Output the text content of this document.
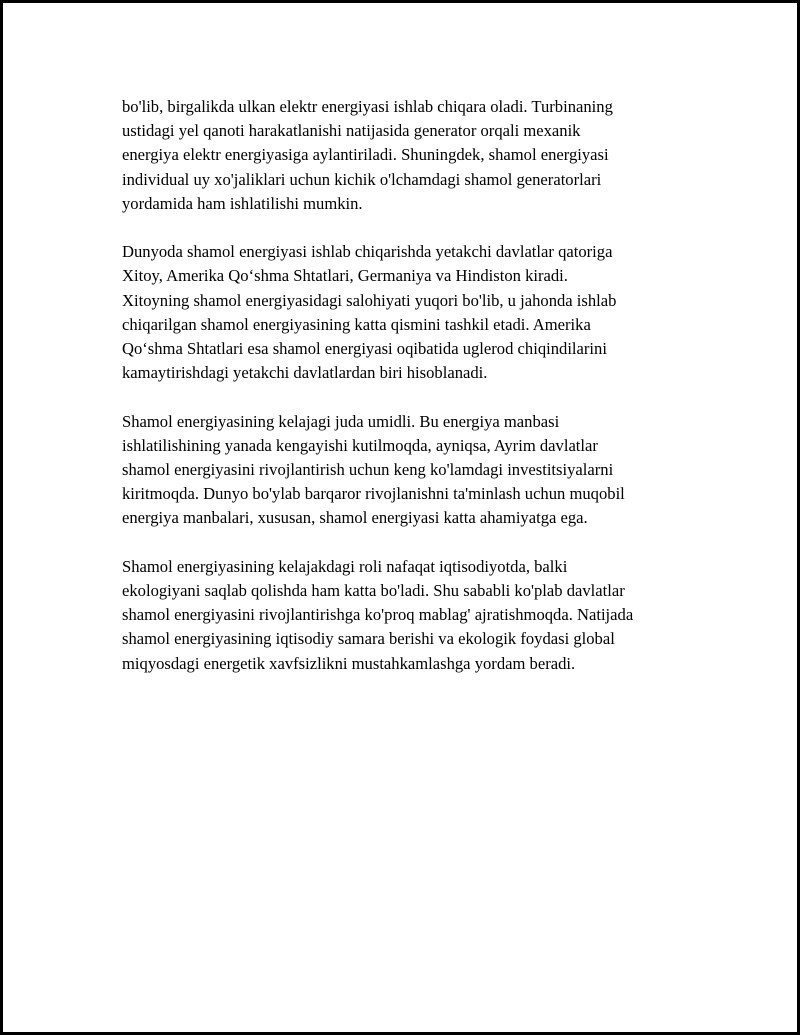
bo'lib, birgalikda ulkan elektr energiyasi ishlab chiqara oladi. Turbinaning
ustidagi yel qanoti harakatlanishi natijasida generator orqali mexanik
energiya elektr energiyasiga aylantiriladi. Shuningdek, shamol energiyasi
individual uy xo'jaliklari uchun kichik o'lchamdagi shamol generatorlari
yordamida ham ishlatilishi mumkin.
Dunyoda shamol energiyasi ishlab chiqarishda yetakchi davlatlar qatoriga
Xitoy, Amerika Qo‘shma Shtatlari, Germaniya va Hindiston kiradi.
Xitoyning shamol energiyasidagi salohiyati yuqori bo'lib, u jahonda ishlab
chiqarilgan shamol energiyasining katta qismini tashkil etadi. Amerika
Qo‘shma Shtatlari esa shamol energiyasi oqibatida uglerod chiqindilarini
kamaytirishdagi yetakchi davlatlardan biri hisoblanadi.
Shamol energiyasining kelajagi juda umidli. Bu energiya manbasi
ishlatilishining yanada kengayishi kutilmoqda, ayniqsa, Ayrim davlatlar
shamol energiyasini rivojlantirish uchun keng ko'lamdagi investitsiyalarni
kiritmoqda. Dunyo bo'ylab barqaror rivojlanishni ta'minlash uchun muqobil
energiya manbalari, xususan, shamol energiyasi katta ahamiyatga ega.
Shamol energiyasining kelajakdagi roli nafaqat iqtisodiyotda, balki
ekologiyani saqlab qolishda ham katta bo'ladi. Shu sababli ko'plab davlatlar
shamol energiyasini rivojlantirishga ko'proq mablag' ajratishmoqda. Natijada
shamol energiyasining iqtisodiy samara berishi va ekologik foydasi global
miqyosdagi energetik xavfsizlikni mustahkamlashga yordam beradi.
